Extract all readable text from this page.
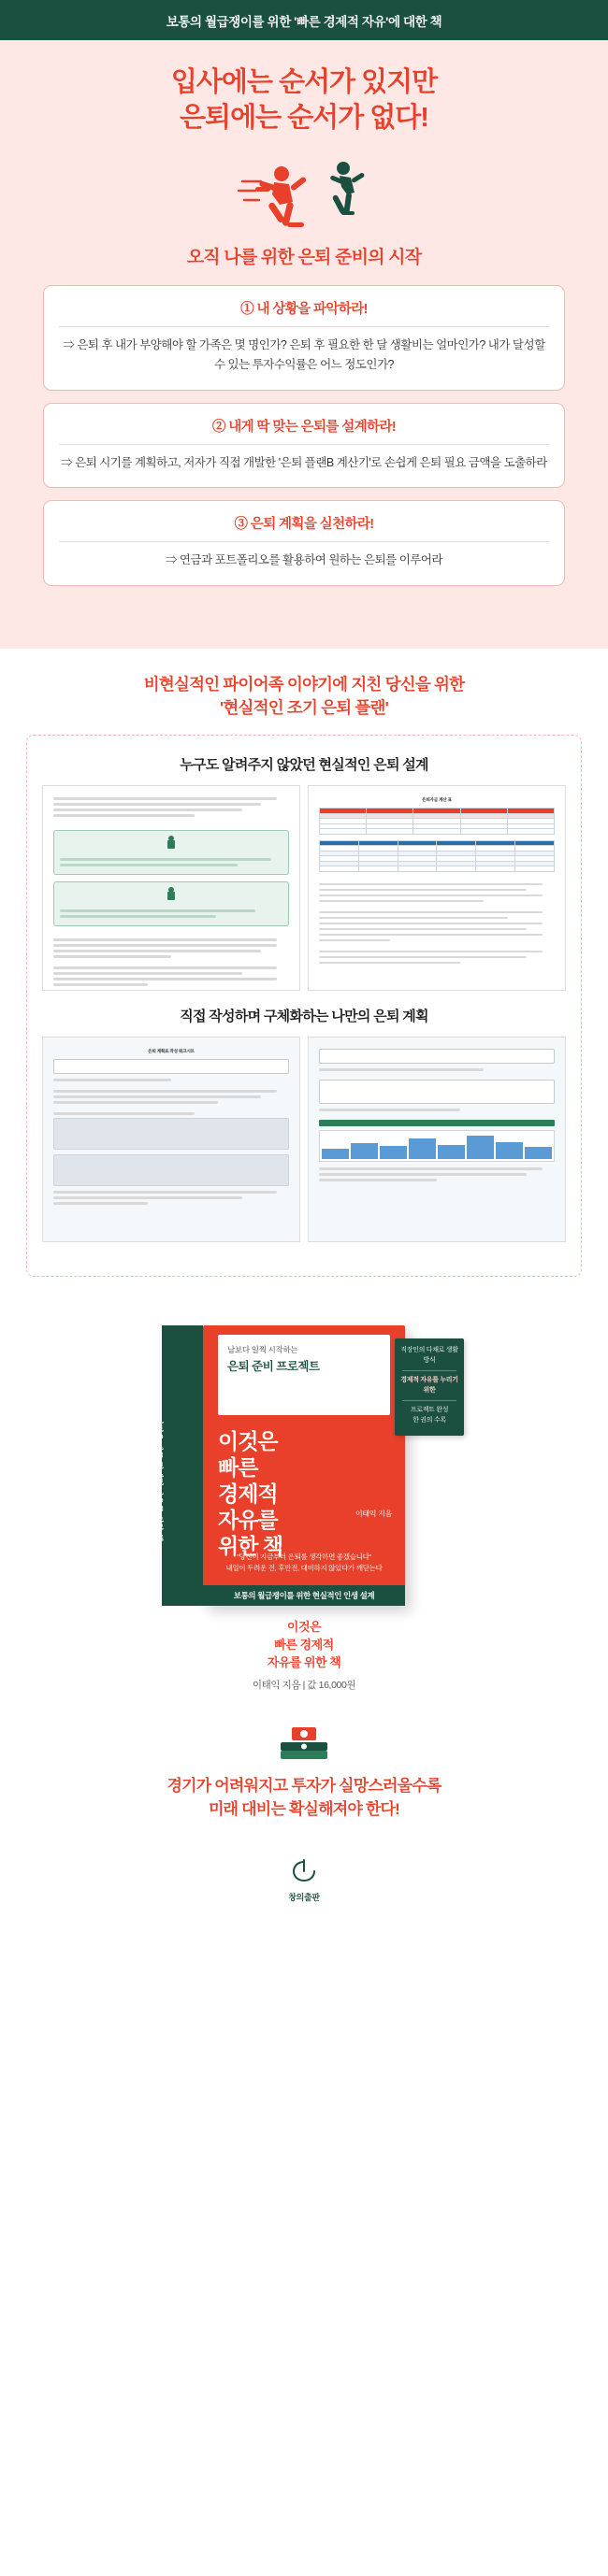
보통의 월급쟁이를 위한 '빠른 경제적 자유'에 대한 책
입사에는 순서가 있지만
은퇴에는 순서가 없다!
오직 나를 위한 은퇴 준비의 시작
① 내 상황을 파악하라!
⇒ 은퇴 후 내가 부양해야 할 가족은 몇 명인가? 은퇴 후 필요한 한 달 생활비는 얼마인가? 내가 달성할 수 있는 투자수익률은 어느 정도인가?
② 내게 딱 맞는 은퇴를 설계하라!
⇒ 은퇴 시기를 계획하고, 저자가 직접 개발한 '은퇴 플랜B 계산기'로 손쉽게 은퇴 필요 금액을 도출하라
③ 은퇴 계획을 실천하라!
⇒ 연금과 포트폴리오를 활용하여 원하는 은퇴를 이루어라
비현실적인 파이어족 이야기에 지친 당신을 위한
'현실적인 조기 은퇴 플랜'
누구도 알려주지 않았던 현실적인 은퇴 설계
은퇴자금 계산 표

직접 작성하며 구체화하는 나만의 은퇴 계획
은퇴 계획표 작성 워크시트
이것은 빠른 경제적 자유를 위한 책
남보다 일찍 시작하는
은퇴 준비 프로젝트
이것은
빠른
경제적
자유를
위한 책
이태익 지음
"당신이 지금부터 은퇴를 생각하면 좋겠습니다"
내일이 두려운 전, 후반전, 대비하지 않았다가 깨닫는다
보통의 월급쟁이를 위한 현실적인 인생 설계
직장인의 다채로 생활 방식
경제적 자유를 누리기 위한
프로젝트 완성
한 권의 수록
이것은
빠른 경제적
자유를 위한 책
이태익 지음 | 값 16,000원
경기가 어려워지고 투자가 실망스러울수록
미래 대비는 확실해져야 한다!
창의출판
